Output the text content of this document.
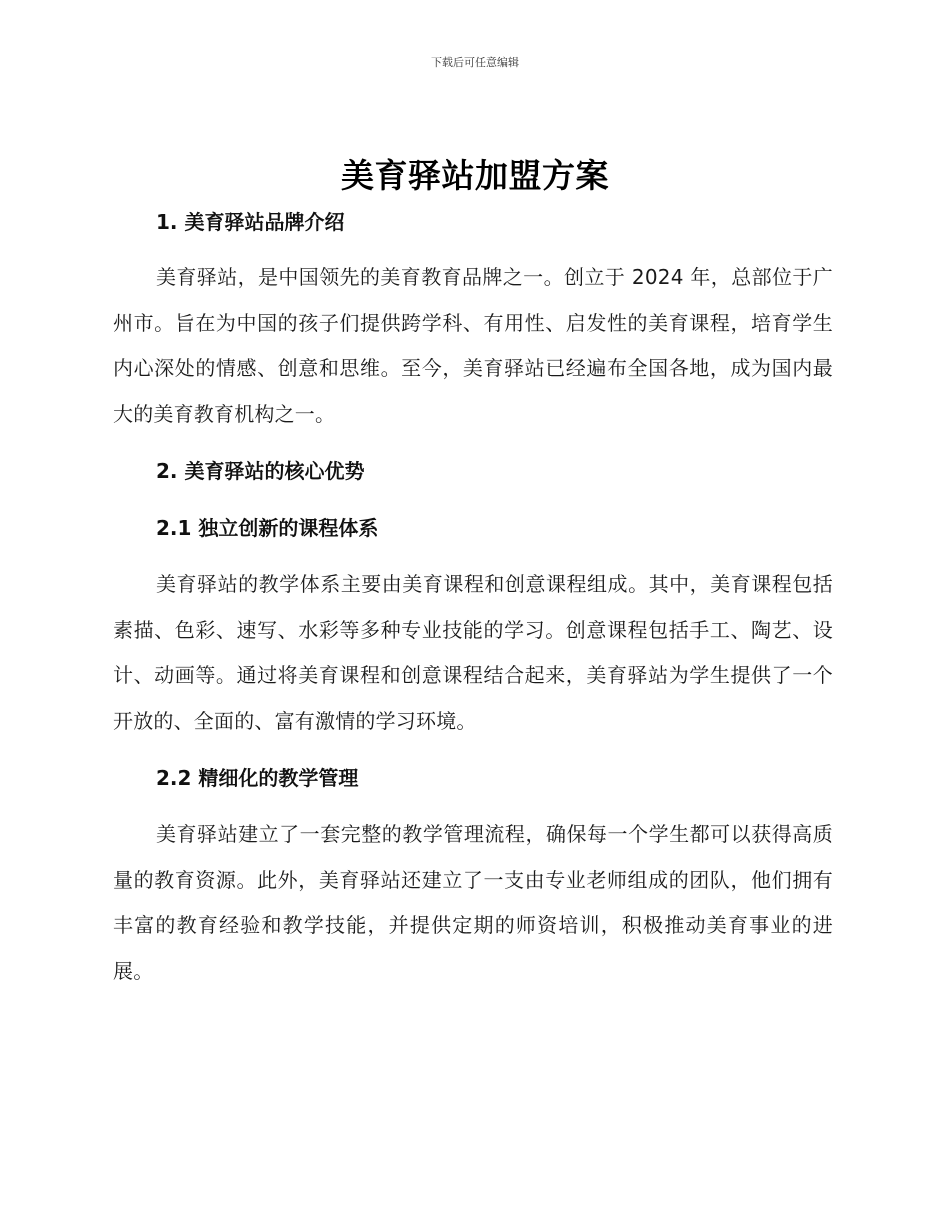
下载后可任意编辑
美育驿站加盟方案
1. 美育驿站品牌介绍
美育驿站，是中国领先的美育教育品牌之一。创立于 2024 年，总部位于广州市。旨在为中国的孩子们提供跨学科、有用性、启发性的美育课程，培育学生内心深处的情感、创意和思维。至今，美育驿站已经遍布全国各地，成为国内最大的美育教育机构之一。
2. 美育驿站的核心优势
2.1 独立创新的课程体系
美育驿站的教学体系主要由美育课程和创意课程组成。其中，美育课程包括素描、色彩、速写、水彩等多种专业技能的学习。创意课程包括手工、陶艺、设计、动画等。通过将美育课程和创意课程结合起来，美育驿站为学生提供了一个开放的、全面的、富有激情的学习环境。
2.2 精细化的教学管理
美育驿站建立了一套完整的教学管理流程，确保每一个学生都可以获得高质量的教育资源。此外，美育驿站还建立了一支由专业老师组成的团队，他们拥有丰富的教育经验和教学技能，并提供定期的师资培训，积极推动美育事业的进展。
